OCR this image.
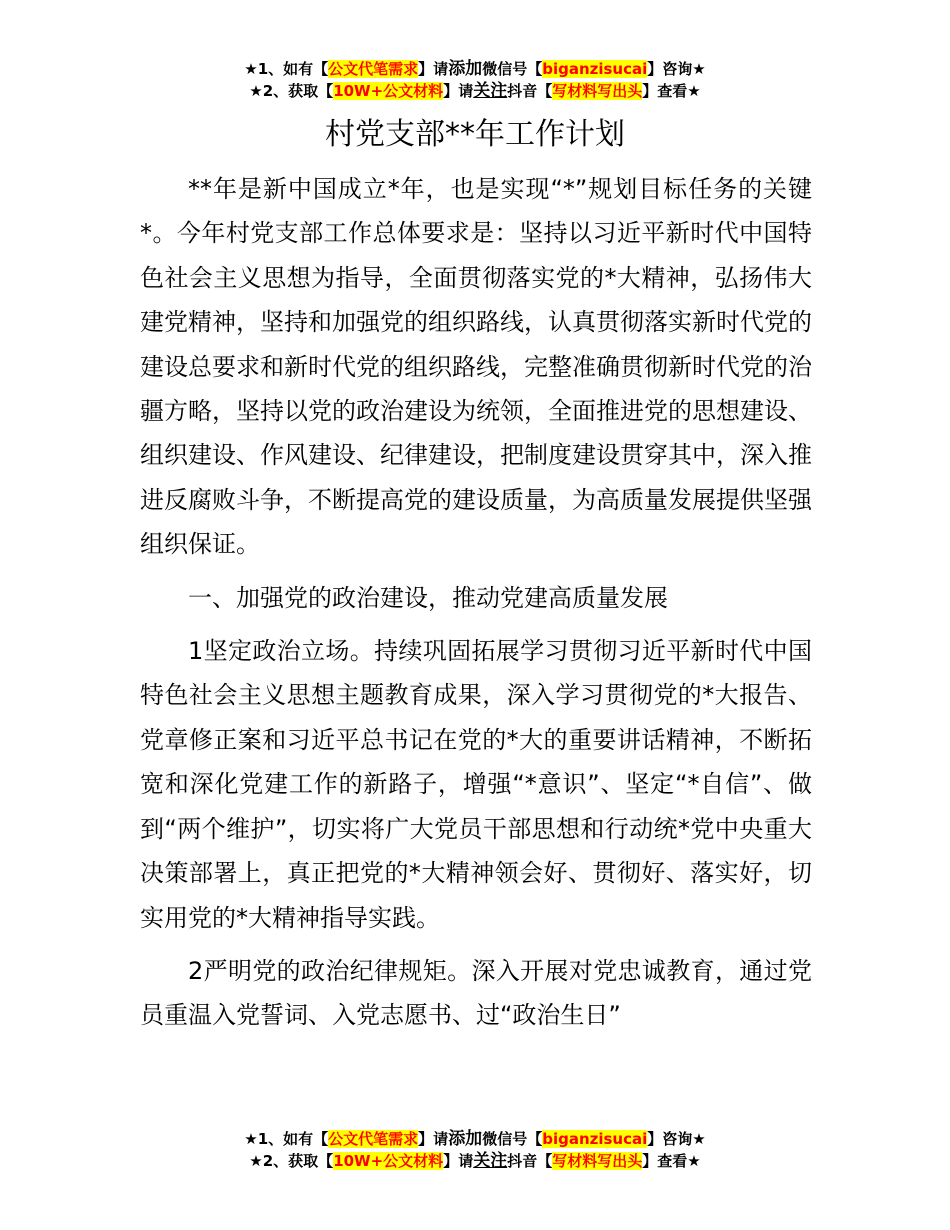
★1、如有【公文代笔需求】请添加微信号【biganzisucai】咨询★
★2、获取【10W+公文材料】请关注抖音【写材料写出头】查看★
村党支部**年工作计划

**年是新中国成立*年，也是实现“*”规划目标任务的关键*。今年村党支部工作总体要求是：坚持以习近平新时代中国特色社会主义思想为指导，全面贯彻落实党的*大精神，弘扬伟大建党精神，坚持和加强党的组织路线，认真贯彻落实新时代党的建设总要求和新时代党的组织路线，完整准确贯彻新时代党的治疆方略，坚持以党的政治建设为统领，全面推进党的思想建设、组织建设、作风建设、纪律建设，把制度建设贯穿其中，深入推进反腐败斗争，不断提高党的建设质量，为高质量发展提供坚强组织保证。

一、加强党的政治建设，推动党建高质量发展

1坚定政治立场。持续巩固拓展学习贯彻习近平新时代中国特色社会主义思想主题教育成果，深入学习贯彻党的*大报告、党章修正案和习近平总书记在党的*大的重要讲话精神，不断拓宽和深化党建工作的新路子，增强“*意识”、坚定“*自信”、做到“两个维护”，切实将广大党员干部思想和行动统*党中央重大决策部署上，真正把党的*大精神领会好、贯彻好、落实好，切实用党的*大精神指导实践。

2严明党的政治纪律规矩。深入开展对党忠诚教育，通过党员重温入党誓词、入党志愿书、过“政治生日”

★1、如有【公文代笔需求】请添加微信号【biganzisucai】咨询★
★2、获取【10W+公文材料】请关注抖音【写材料写出头】查看★
